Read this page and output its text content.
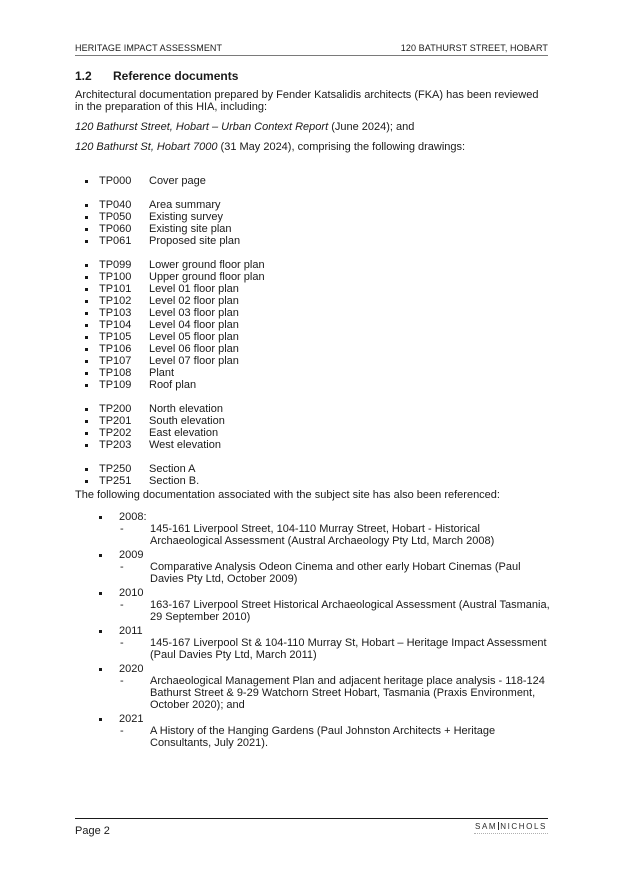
HERITAGE IMPACT ASSESSMENT	120 BATHURST STREET, HOBART
1.2	Reference documents

Architectural documentation prepared by Fender Katsalidis architects (FKA) has been reviewed in the preparation of this HIA, including:

120 Bathurst Street, Hobart – Urban Context Report (June 2024); and

120 Bathurst St, Hobart 7000 (31 May 2024), comprising the following drawings:

TP000	Cover page
TP040	Area summary
TP050	Existing survey
TP060	Existing site plan
TP061	Proposed site plan
TP099	Lower ground floor plan
TP100	Upper ground floor plan
TP101	Level 01 floor plan
TP102	Level 02 floor plan
TP103	Level 03 floor plan
TP104	Level 04 floor plan
TP105	Level 05 floor plan
TP106	Level 06 floor plan
TP107	Level 07 floor plan
TP108	Plant
TP109	Roof plan
TP200	North elevation
TP201	South elevation
TP202	East elevation
TP203	West elevation
TP250	Section A
TP251	Section B.

The following documentation associated with the subject site has also been referenced:

2008:
-	145-161 Liverpool Street, 104-110 Murray Street, Hobart - Historical Archaeological Assessment (Austral Archaeology Pty Ltd, March 2008)
2009
-	Comparative Analysis Odeon Cinema and other early Hobart Cinemas (Paul Davies Pty Ltd, October 2009)
2010
-	163-167 Liverpool Street Historical Archaeological Assessment (Austral Tasmania, 29 September 2010)
2011
-	145-167 Liverpool St & 104-110 Murray St, Hobart – Heritage Impact Assessment (Paul Davies Pty Ltd, March 2011)
2020
-	Archaeological Management Plan and adjacent heritage place analysis - 118-124 Bathurst Street & 9-29 Watchorn Street Hobart, Tasmania (Praxis Environment, October 2020); and
2021
-	A History of the Hanging Gardens (Paul Johnston Architects + Heritage Consultants, July 2021).
Page 2	SAM NICHOLS
